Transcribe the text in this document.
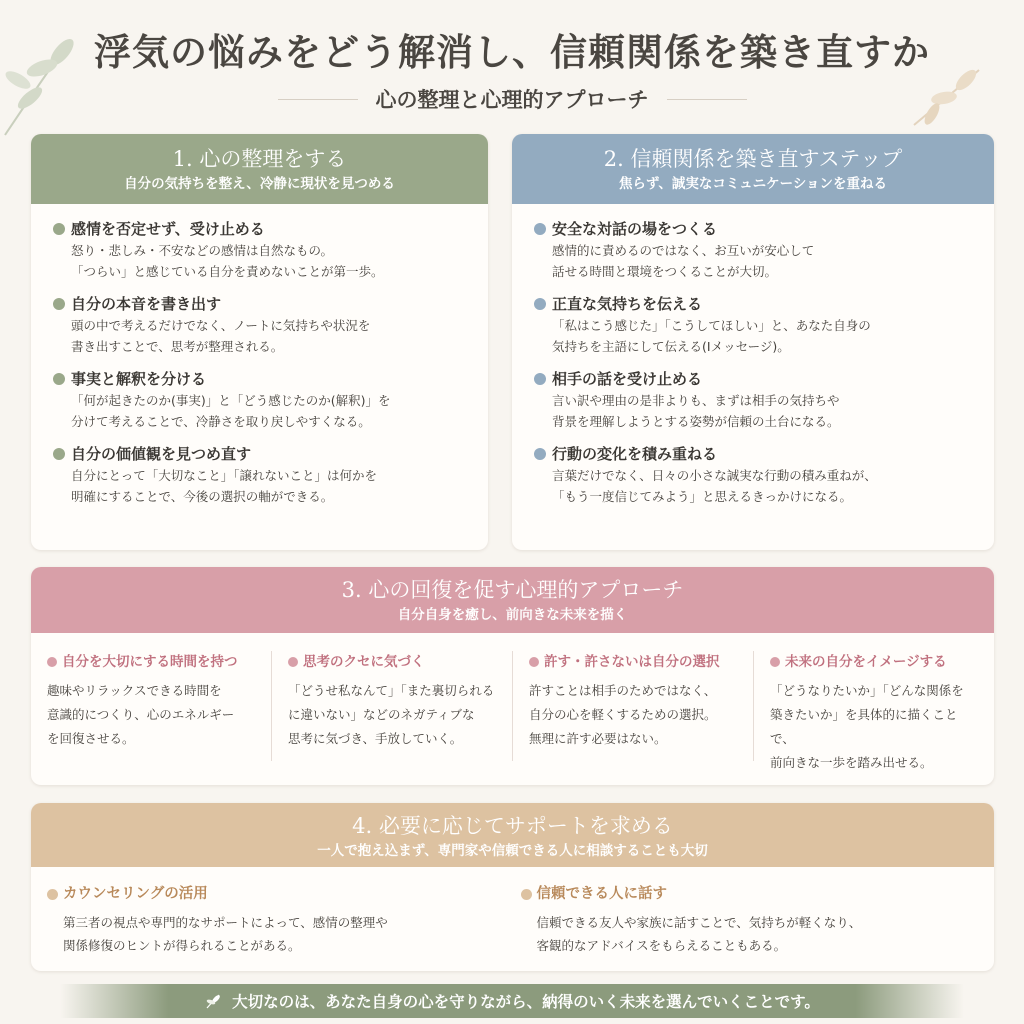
浮気の悩みをどう解消し、信頼関係を築き直すか
心の整理と心理的アプローチ
1. 心の整理をする
自分の気持ちを整え、冷静に現状を見つめる
感情を否定せず、受け止める
怒り・悲しみ・不安などの感情は自然なもの。
「つらい」と感じている自分を責めないことが第一歩。
自分の本音を書き出す
頭の中で考えるだけでなく、ノートに気持ちや状況を
書き出すことで、思考が整理される。
事実と解釈を分ける
「何が起きたのか(事実)」と「どう感じたのか(解釈)」を
分けて考えることで、冷静さを取り戻しやすくなる。
自分の価値観を見つめ直す
自分にとって「大切なこと」「譲れないこと」は何かを
明確にすることで、今後の選択の軸ができる。
2. 信頼関係を築き直すステップ
焦らず、誠実なコミュニケーションを重ねる
安全な対話の場をつくる
感情的に責めるのではなく、お互いが安心して
話せる時間と環境をつくることが大切。
正直な気持ちを伝える
「私はこう感じた」「こうしてほしい」と、あなた自身の
気持ちを主語にして伝える(Iメッセージ)。
相手の話を受け止める
言い訳や理由の是非よりも、まずは相手の気持ちや
背景を理解しようとする姿勢が信頼の土台になる。
行動の変化を積み重ねる
言葉だけでなく、日々の小さな誠実な行動の積み重ねが、
「もう一度信じてみよう」と思えるきっかけになる。
3. 心の回復を促す心理的アプローチ
自分自身を癒し、前向きな未来を描く
自分を大切にする時間を持つ
趣味やリラックスできる時間を
意識的につくり、心のエネルギー
を回復させる。
思考のクセに気づく
「どうせ私なんて」「また裏切られる
に違いない」などのネガティブな
思考に気づき、手放していく。
許す・許さないは自分の選択
許すことは相手のためではなく、
自分の心を軽くするための選択。
無理に許す必要はない。
未来の自分をイメージする
「どうなりたいか」「どんな関係を
築きたいか」を具体的に描くことで、
前向きな一歩を踏み出せる。
4. 必要に応じてサポートを求める
一人で抱え込まず、専門家や信頼できる人に相談することも大切
カウンセリングの活用
第三者の視点や専門的なサポートによって、感情の整理や
関係修復のヒントが得られることがある。
信頼できる人に話す
信頼できる友人や家族に話すことで、気持ちが軽くなり、
客観的なアドバイスをもらえることもある。
大切なのは、あなた自身の心を守りながら、納得のいく未来を選んでいくことです。
